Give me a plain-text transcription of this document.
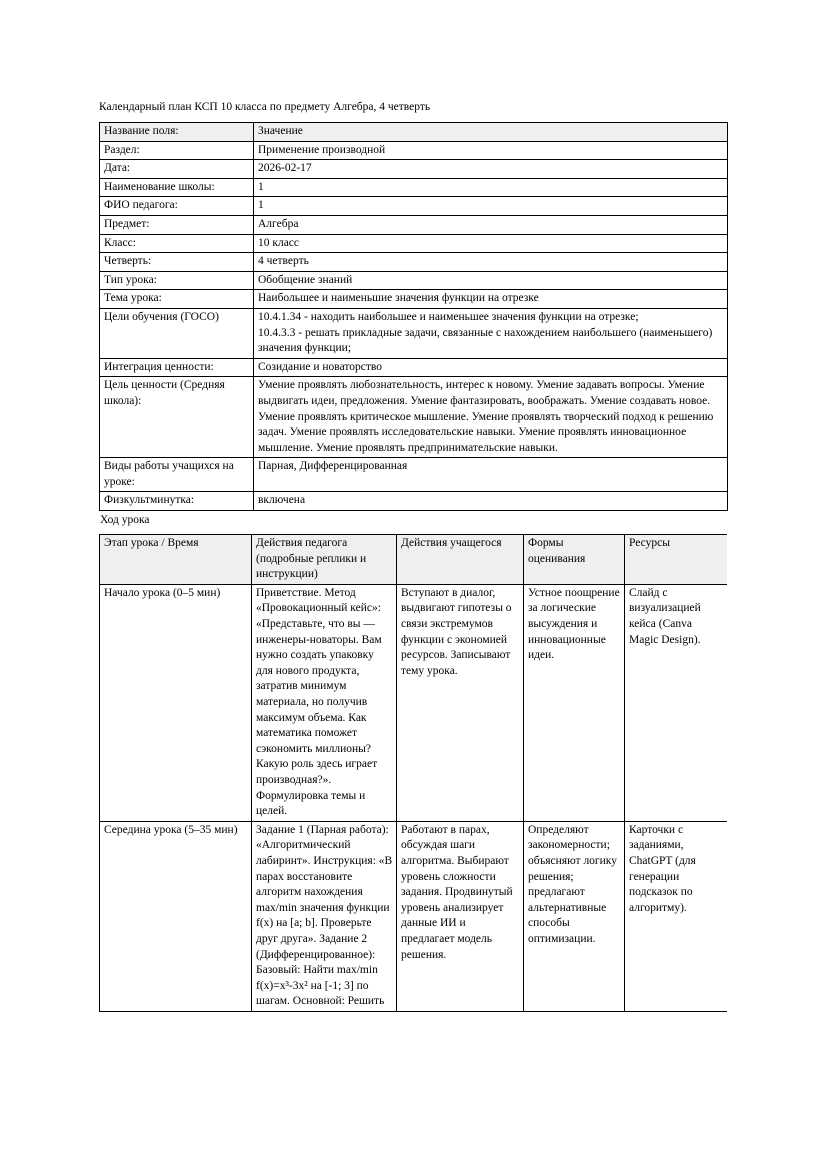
Календарный план КСП 10 класса по предмету Алгебра, 4 четверть
Название поля:	Значение
Раздел:	Применение производной
Дата:	2026-02-17
Наименование школы:	1
ФИО педагога:	1
Предмет:	Алгебра
Класс:	10 класс
Четверть:	4 четверть
Тип урока:	Обобщение знаний
Тема урока:	Наибольшее и наименьшие значения функции на отрезке
Цели обучения (ГОСО)	10.4.1.34 - находить наибольшее и наименьшее значения функции на отрезке;
10.4.3.3 - решать прикладные задачи, связанные с нахождением наибольшего (наименьшего) значения функции;

Интеграция ценности:	Созидание и новаторство
Цель ценности (Средняя школа):	Умение проявлять любознательность, интерес к новому. Умение задавать вопросы. Умение выдвигать идеи, предложения. Умение фантазировать, воображать. Умение создавать новое. Умение проявлять критическое мышление. Умение проявлять творческий подход к решению задач. Умение проявлять исследовательские навыки. Умение проявлять инновационное мышление. Умение проявлять предпринимательские навыки.
Виды работы учащихся на уроке:	Парная, Дифференцированная
Физкультминутка:	включена
Ход урока
Этап урока / Время	Действия педагога (подробные реплики и инструкции)	Действия учащегося	Формы оценивания	Ресурсы
Начало урока (0–5 мин)	Приветствие. Метод «Провокационный кейс»: «Представьте, что вы — инженеры-новаторы. Вам нужно создать упаковку для нового продукта, затратив минимум материала, но получив максимум объема. Как математика поможет сэкономить миллионы? Какую роль здесь играет производная?». Формулировка темы и целей.	Вступают в диалог, выдвигают гипотезы о связи экстремумов функции с экономией ресурсов. Записывают тему урока.	Устное поощрение за логические высуждения и инновационные идеи.	Слайд с визуализацией кейса (Canva Magic Design).
Середина урока (5–35 мин)	Задание 1 (Парная работа): «Алгоритмический лабиринт». Инструкция: «В парах восстановите алгоритм нахождения max/min значения функции f(x) на [a; b]. Проверьте друг друга». Задание 2 (Дифференцированное): Базовый: Найти max/min f(x)=x³-3x² на [-1; 3] по шагам. Основной: Решить	Работают в парах, обсуждая шаги алгоритма. Выбирают уровень сложности задания. Продвинутый уровень анализирует данные ИИ и предлагает модель решения.	Определяют закономерности; объясняют логику решения; предлагают альтернативные способы оптимизации.	Карточки с заданиями, ChatGPT (для генерации подсказок по алгоритму).
